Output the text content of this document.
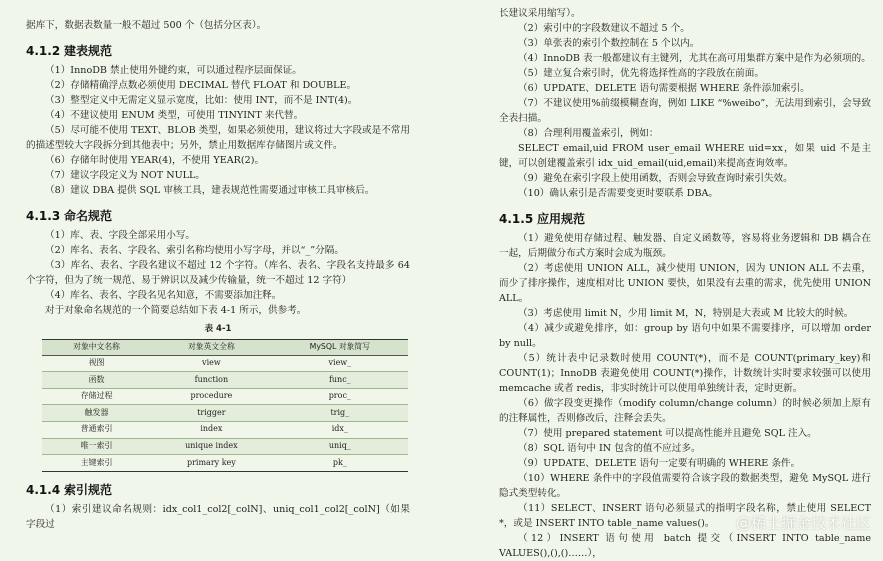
据库下，数据表数量一般不超过 500 个（包括分区表）。

4.1.2 建表规范

（1）InnoDB 禁止使用外键约束，可以通过程序层面保证。

（2）存储精确浮点数必须使用 DECIMAL 替代 FLOAT 和 DOUBLE。

（3）整型定义中无需定义显示宽度，比如：使用 INT，而不是 INT(4)。

（4）不建议使用 ENUM 类型，可使用 TINYINT 来代替。

（5）尽可能不使用 TEXT、BLOB 类型，如果必须使用，建议将过大字段或是不常用的描述型较大字段拆分到其他表中；另外，禁止用数据库存储图片或文件。

（6）存储年时使用 YEAR(4)，不使用 YEAR(2)。

（7）建议字段定义为 NOT NULL。

（8）建议 DBA 提供 SQL 审核工具，建表规范性需要通过审核工具审核后。

4.1.3 命名规范

（1）库、表、字段全部采用小写。

（2）库名、表名、字段名、索引名称均使用小写字母，并以“_”分隔。

（3）库名、表名、字段名建议不超过 12 个字符。（库名、表名、字段名支持最多 64 个字符，但为了统一规范、易于辨识以及减少传输量，统一不超过 12 字符）

（4）库名、表名、字段名见名知意，不需要添加注释。

对于对象命名规范的一个简要总结如下表 4-1 所示，供参考。

表 4-1

对象中文名称	对象英文全称	MySQL 对象简写
视图	view	view_
函数	function	func_
存储过程	procedure	proc_
触发器	trigger	trig_
普通索引	index	idx_
唯一索引	unique index	uniq_
主键索引	primary key	pk_

4.1.4 索引规范

（1）索引建议命名规则：idx_col1_col2[_colN]、uniq_col1_col2[_colN]（如果字段过

长建议采用缩写）。

（2）索引中的字段数建议不超过 5 个。

（3）单张表的索引个数控制在 5 个以内。

（4）InnoDB 表一般都建议有主键列，尤其在高可用集群方案中是作为必须项的。

（5）建立复合索引时，优先将选择性高的字段放在前面。

（6）UPDATE、DELETE 语句需要根据 WHERE 条件添加索引。

（7）不建议使用%前缀模糊查询，例如 LIKE “%weibo”，无法用到索引，会导致全表扫描。

（8）合理利用覆盖索引，例如：

SELECT email,uid FROM user_email WHERE uid=xx，如果 uid 不是主键，可以创建覆盖索引 idx_uid_email(uid,email)来提高查询效率。

（9）避免在索引字段上使用函数，否则会导致查询时索引失效。

（10）确认索引是否需要变更时要联系 DBA。

4.1.5 应用规范

（1）避免使用存储过程、触发器、自定义函数等，容易将业务逻辑和 DB 耦合在一起，后期做分布式方案时会成为瓶颈。

（2）考虑使用 UNION ALL，减少使用 UNION，因为 UNION ALL 不去重，而少了排序操作，速度相对比 UNION 要快，如果没有去重的需求，优先使用 UNION ALL。

（3）考虑使用 limit N，少用 limit M，N，特别是大表或 M 比较大的时候。

（4）减少或避免排序，如：group by 语句中如果不需要排序，可以增加 order by null。

（5）统计表中记录数时使用 COUNT(*)，而不是 COUNT(primary_key)和 COUNT(1)；InnoDB 表避免使用 COUNT(*)操作，计数统计实时要求较强可以使用 memcache 或者 redis，非实时统计可以使用单独统计表，定时更新。

（6）做字段变更操作（modify column/change column）的时候必须加上原有的注释属性，否则修改后，注释会丢失。

（7）使用 prepared statement 可以提高性能并且避免 SQL 注入。

（8）SQL 语句中 IN 包含的值不应过多。

（9）UPDATE、DELETE 语句一定要有明确的 WHERE 条件。

（10）WHERE 条件中的字段值需要符合该字段的数据类型，避免 MySQL 进行隐式类型转化。

（11）SELECT、INSERT 语句必须显式的指明字段名称，禁止使用 SELECT *，或是 INSERT INTO table_name values()。

（12）INSERT 语句使用 batch 提交（INSERT INTO table_name VALUES(),(),()……），

@稀土掘金技术社区
